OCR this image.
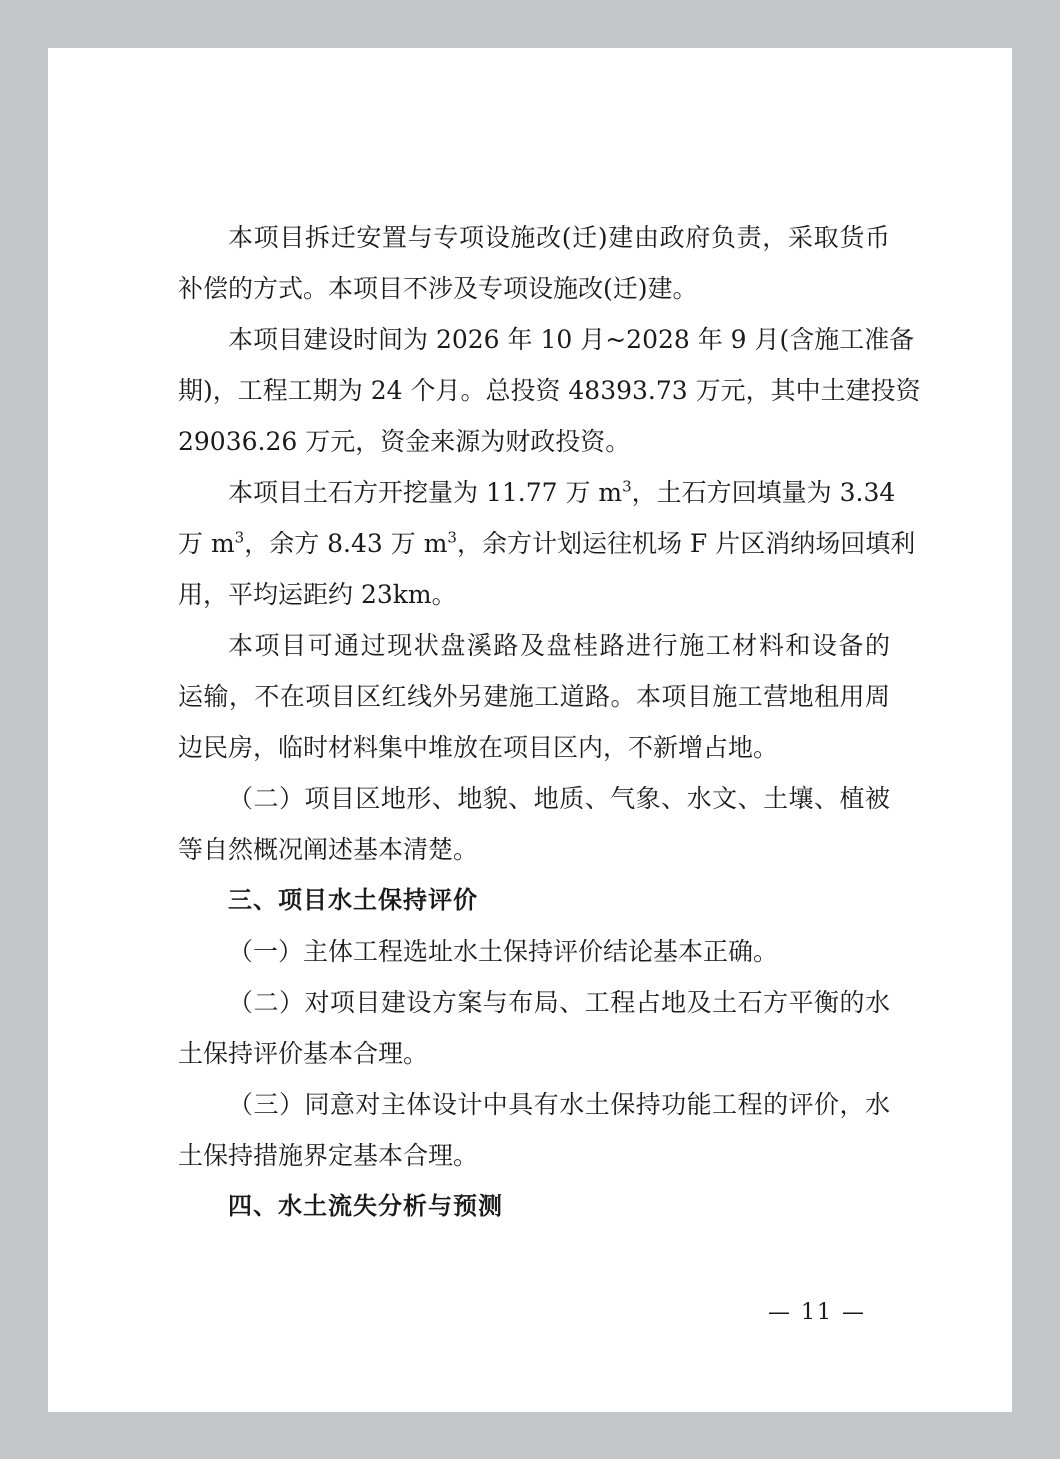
本项目拆迁安置与专项设施改(迁)建由政府负责，采取货币
补偿的方式。本项目不涉及专项设施改(迁)建。
本项目建设时间为 2026 年 10 月~2028 年 9 月(含施工准备
期)，工程工期为 24 个月。总投资 48393.73 万元，其中土建投资
29036.26 万元，资金来源为财政投资。
本项目土石方开挖量为 11.77 万 $m^3$，土石方回填量为 3.34
万 $m^3$，余方 8.43 万 $m^3$，余方计划运往机场 F 片区消纳场回填利
用，平均运距约 23km。
本项目可通过现状盘溪路及盘桂路进行施工材料和设备的
运输，不在项目区红线外另建施工道路。本项目施工营地租用周
边民房，临时材料集中堆放在项目区内，不新增占地。
（二）项目区地形、地貌、地质、气象、水文、土壤、植被
等自然概况阐述基本清楚。
三、项目水土保持评价
（一）主体工程选址水土保持评价结论基本正确。
（二）对项目建设方案与布局、工程占地及土石方平衡的水
土保持评价基本合理。
（三）同意对主体设计中具有水土保持功能工程的评价，水
土保持措施界定基本合理。
四、水土流失分析与预测
— 11 —
